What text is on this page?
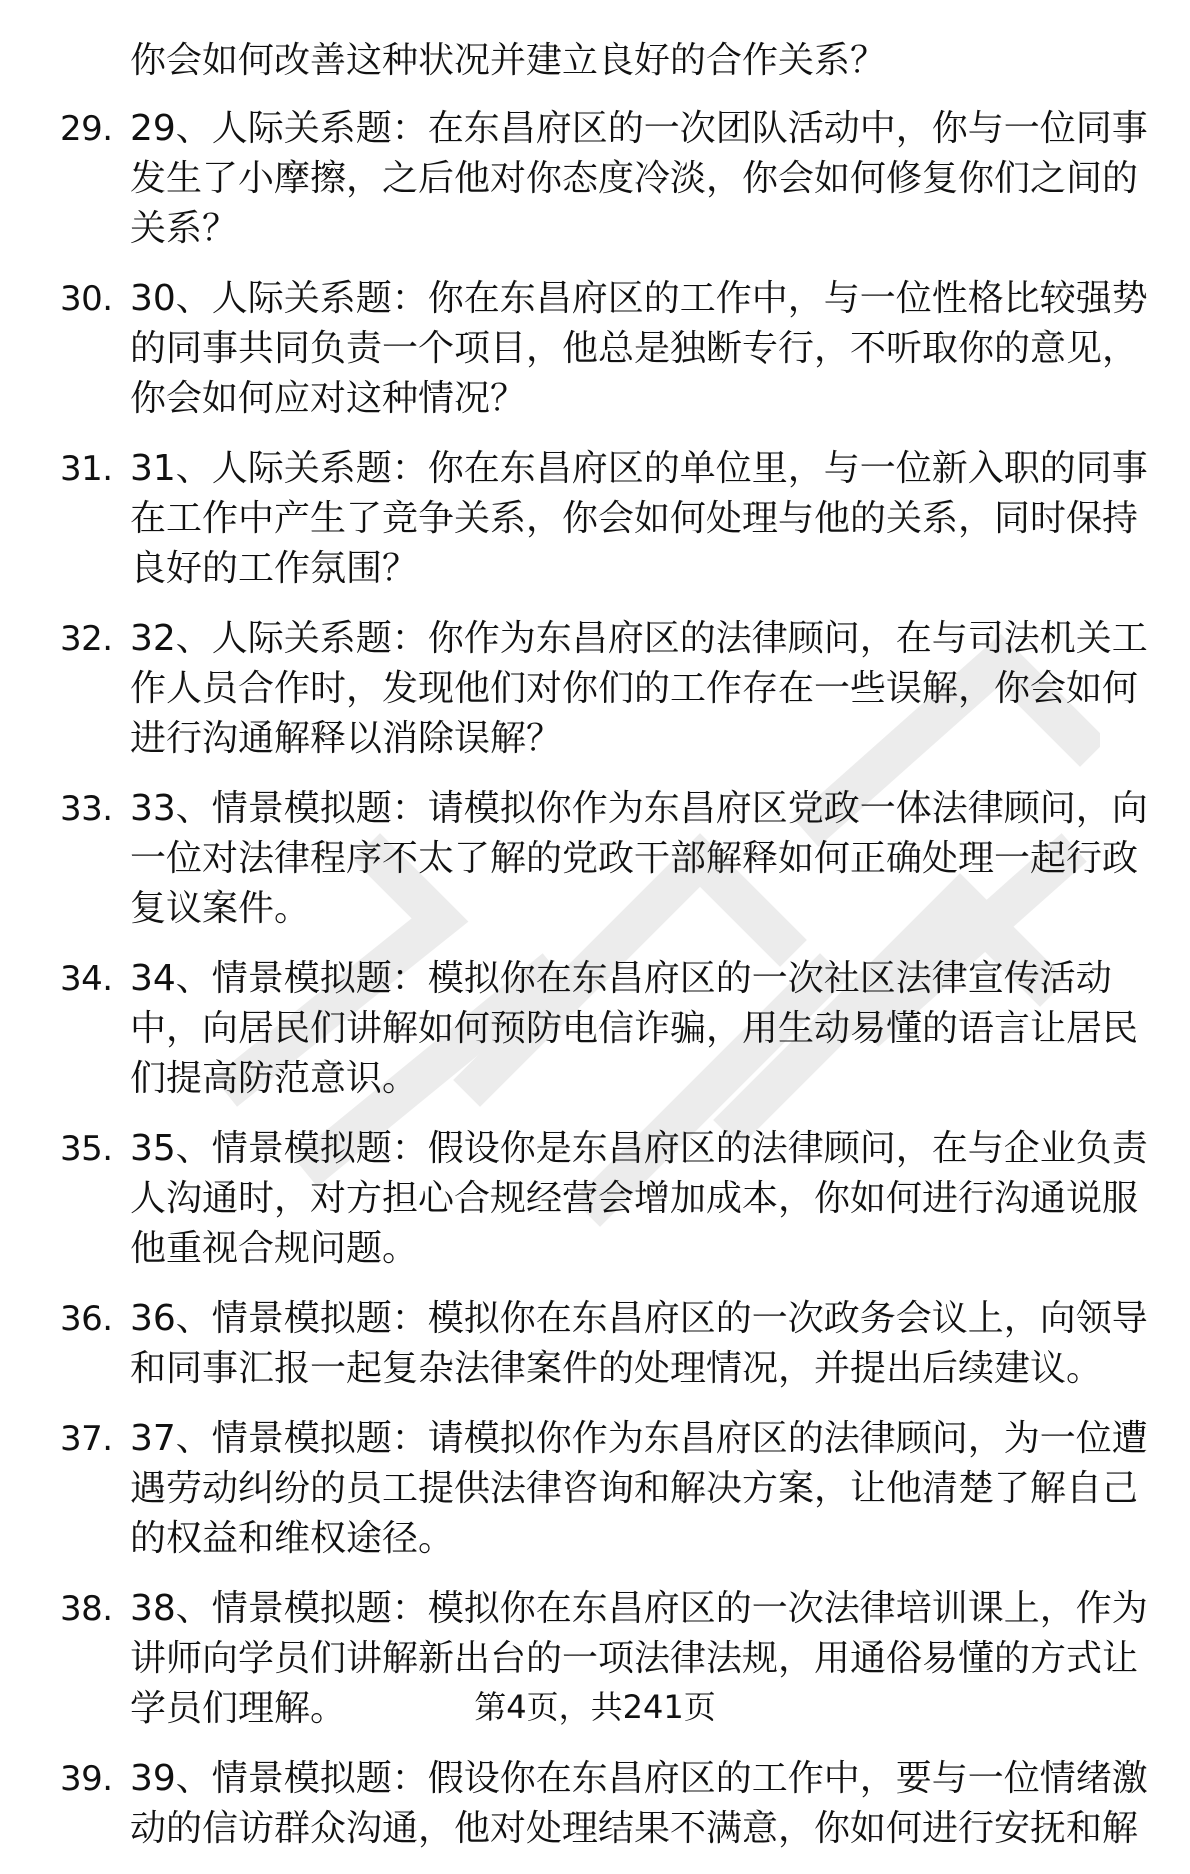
你会如何改善这种状况并建立良好的合作关系？
29. 29、人际关系题：在东昌府区的一次团队活动中，你与一位同事发生了小摩擦，之后他对你态度冷淡，你会如何修复你们之间的关系？
30. 30、人际关系题：你在东昌府区的工作中，与一位性格比较强势的同事共同负责一个项目，他总是独断专行，不听取你的意见，你会如何应对这种情况？
31. 31、人际关系题：你在东昌府区的单位里，与一位新入职的同事在工作中产生了竞争关系，你会如何处理与他的关系，同时保持良好的工作氛围？
32. 32、人际关系题：你作为东昌府区的法律顾问，在与司法机关工作人员合作时，发现他们对你们的工作存在一些误解，你会如何进行沟通解释以消除误解？
33. 33、情景模拟题：请模拟你作为东昌府区党政一体法律顾问，向一位对法律程序不太了解的党政干部解释如何正确处理一起行政复议案件。
34. 34、情景模拟题：模拟你在东昌府区的一次社区法律宣传活动中，向居民们讲解如何预防电信诈骗，用生动易懂的语言让居民们提高防范意识。
35. 35、情景模拟题：假设你是东昌府区的法律顾问，在与企业负责人沟通时，对方担心合规经营会增加成本，你如何进行沟通说服他重视合规问题。
36. 36、情景模拟题：模拟你在东昌府区的一次政务会议上，向领导和同事汇报一起复杂法律案件的处理情况，并提出后续建议。
37. 37、情景模拟题：请模拟你作为东昌府区的法律顾问，为一位遭遇劳动纠纷的员工提供法律咨询和解决方案，让他清楚了解自己的权益和维权途径。
38. 38、情景模拟题：模拟你在东昌府区的一次法律培训课上，作为讲师向学员们讲解新出台的一项法律法规，用通俗易懂的方式让学员们理解。
39. 39、情景模拟题：假设你在东昌府区的工作中，要与一位情绪激动的信访群众沟通，他对处理结果不满意，你如何进行安抚和解
第4页，共241页
